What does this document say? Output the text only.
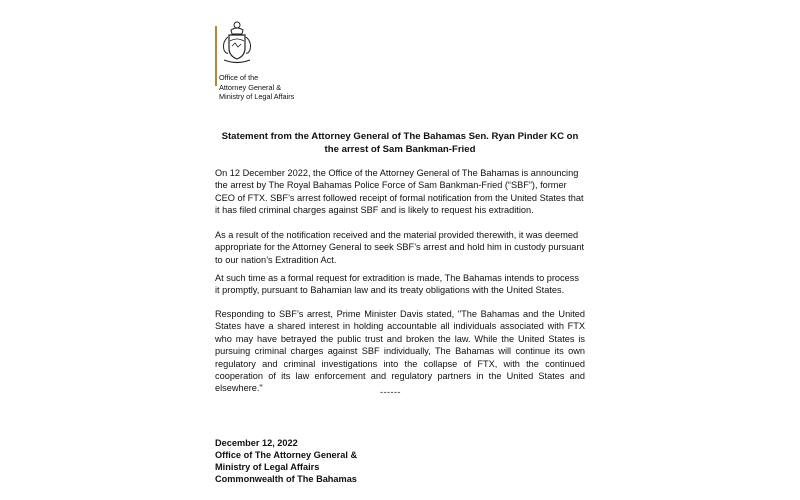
Office of the
Attorney General &
Ministry of Legal Affairs
Statement from the Attorney General of The Bahamas Sen. Ryan Pinder KC on the arrest of Sam Bankman-Fried

On 12 December 2022, the Office of the Attorney General of The Bahamas is announcing the arrest by The Royal Bahamas Police Force of Sam Bankman-Fried (“SBF”), former CEO of FTX. SBF’s arrest followed receipt of formal notification from the United States that it has filed criminal charges against SBF and is likely to request his extradition.

As a result of the notification received and the material provided therewith, it was deemed appropriate for the Attorney General to seek SBF’s arrest and hold him in custody pursuant to our nation’s Extradition Act.

At such time as a formal request for extradition is made, The Bahamas intends to process it promptly, pursuant to Bahamian law and its treaty obligations with the United States.

Responding to SBF’s arrest, Prime Minister Davis stated, "The Bahamas and the United States have a shared interest in holding accountable all individuals associated with FTX who may have betrayed the public trust and broken the law. While the United States is pursuing criminal charges against SBF individually, The Bahamas will continue its own regulatory and criminal investigations into the collapse of FTX, with the continued cooperation of its law enforcement and regulatory partners in the United States and elsewhere."	------
December 12, 2022
Office of The Attorney General &
Ministry of Legal Affairs
Commonwealth of The Bahamas
